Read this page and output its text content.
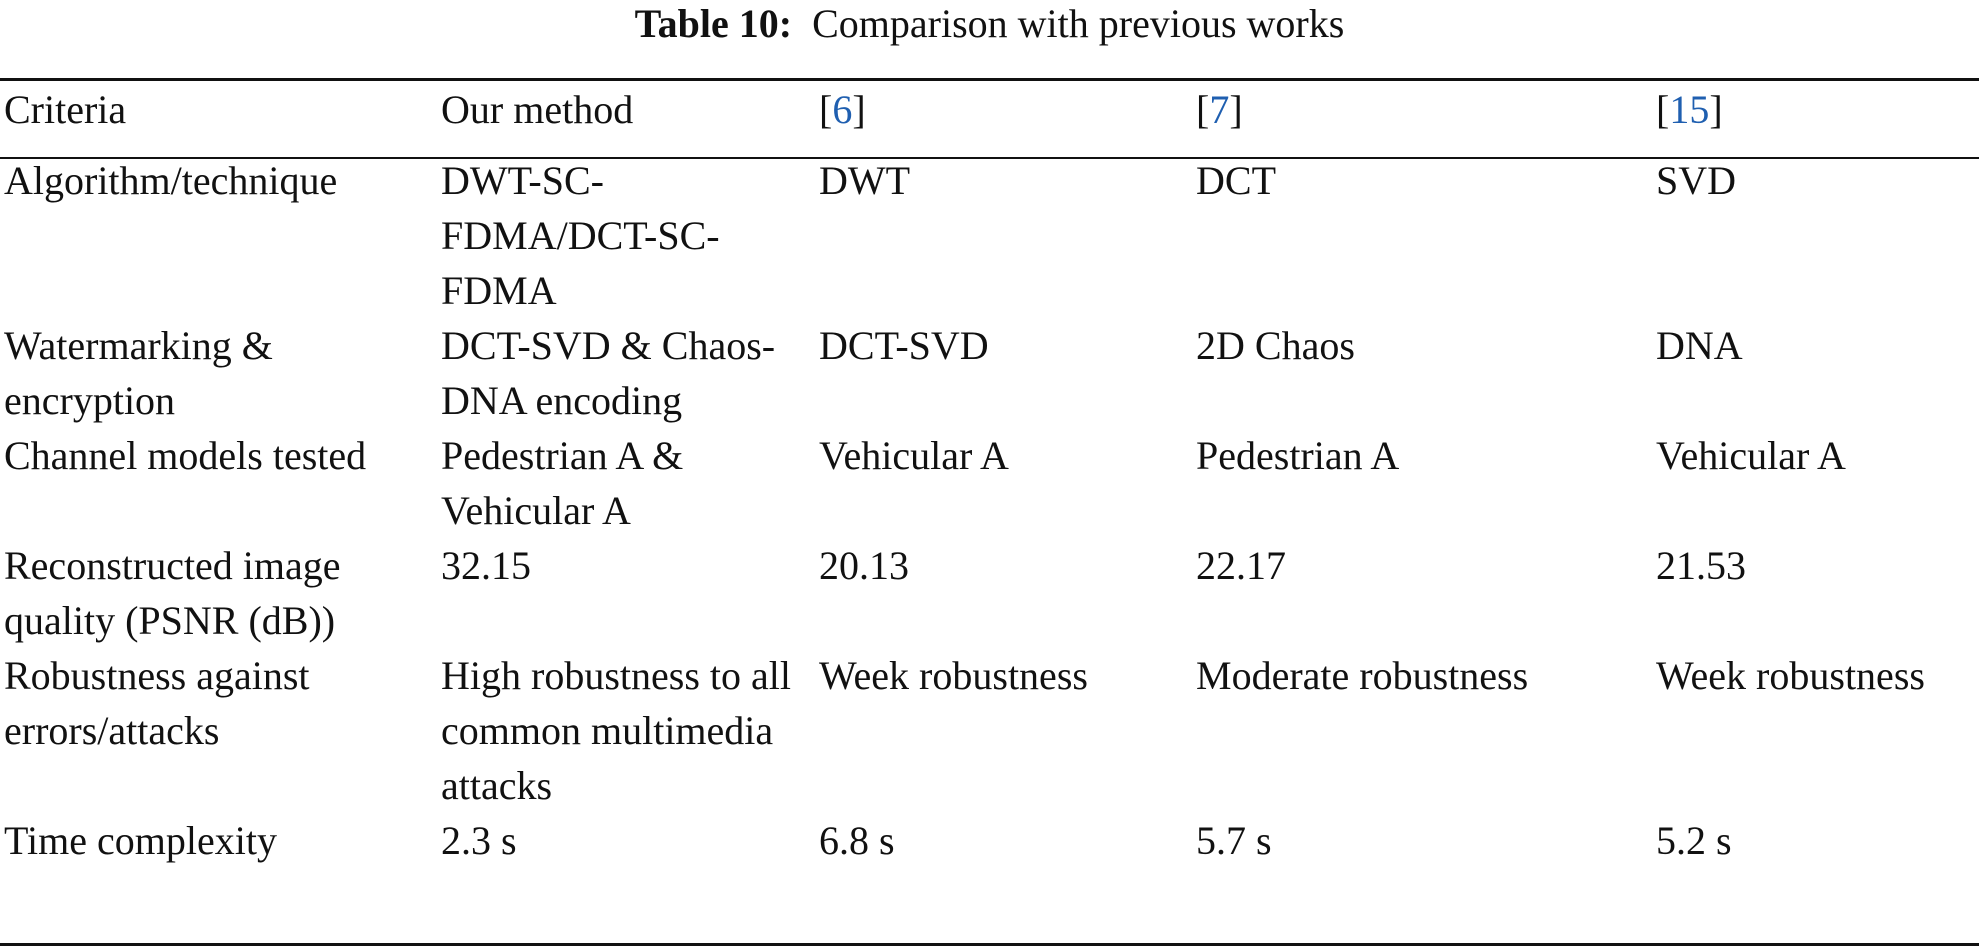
Table 10: Comparison with previous works
Criteria	Our method	[6]	[7]	[15]
Algorithm/technique	DWT-SC-FDMA/DCT-SC-FDMA	DWT	DCT	SVD
Watermarking & encryption	DCT-SVD & Chaos-DNA encoding	DCT-SVD	2D Chaos	DNA
Channel models tested	Pedestrian A & Vehicular A	Vehicular A	Pedestrian A	Vehicular A
Reconstructed image quality (PSNR (dB))	32.15	20.13	22.17	21.53
Robustness against errors/attacks	High robustness to all common multimedia attacks	Week robustness	Moderate robustness	Week robustness
Time complexity	2.3 s	6.8 s	5.7 s	5.2 s
